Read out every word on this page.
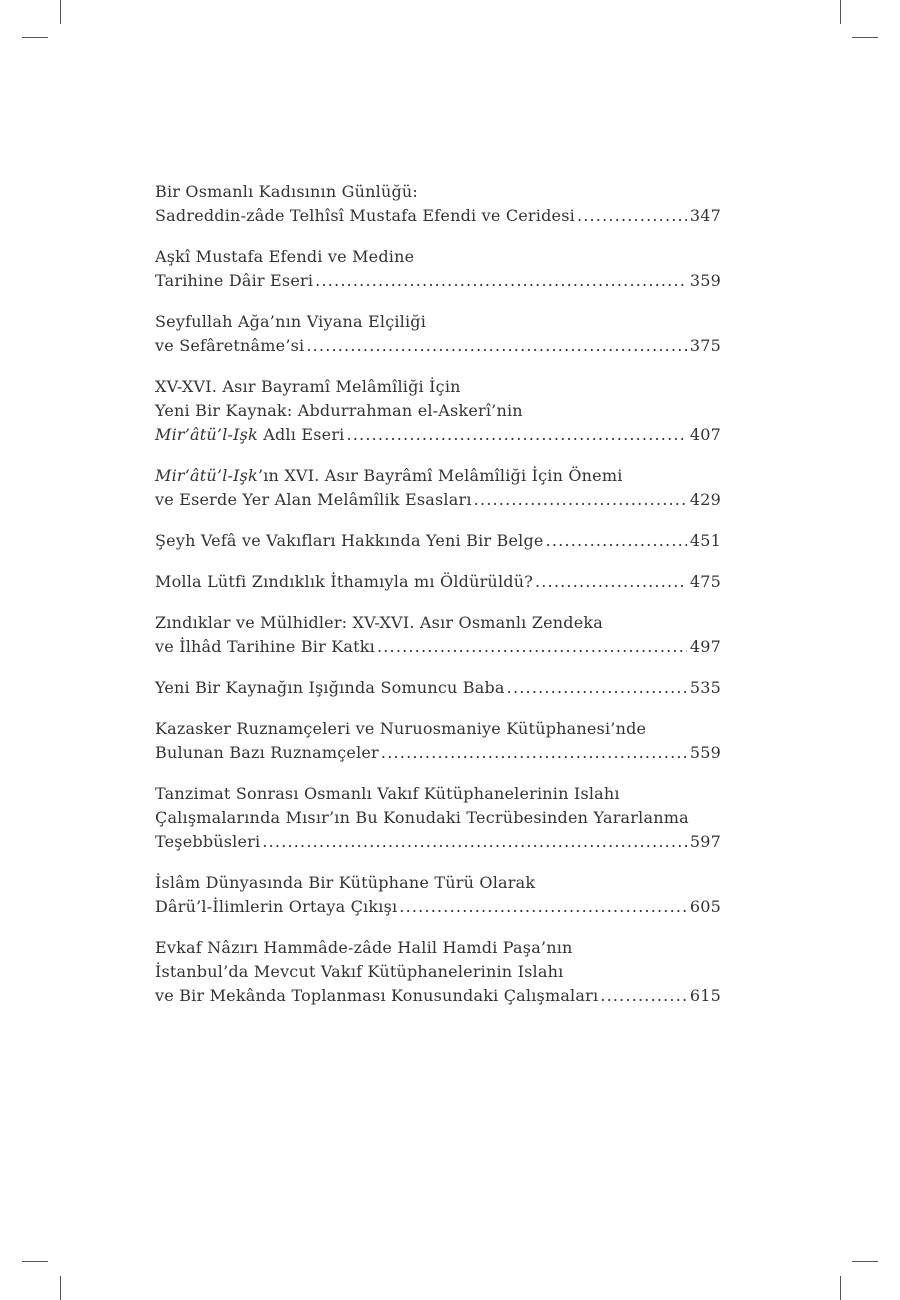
Bir Osmanlı Kadısının Günlüğü:
Sadreddin-zâde Telhîsî Mustafa Efendi ve Ceridesi .....	347
Aşkî Mustafa Efendi ve Medine
Tarihine Dâir Eseri .....	359
Seyfullah Ağa’nın Viyana Elçiliği
ve Sefâretnâme’si .....	375
XV-XVI. Asır Bayramî Melâmîliği İçin
Yeni Bir Kaynak: Abdurrahman el-Askerî’nin
Mir’âtü’l-Işk Adlı Eseri .....	407
Mir‘âtü’l-Işk’ın XVI. Asır Bayrâmî Melâmîliği İçin Önemi
ve Eserde Yer Alan Melâmîlik Esasları .....	429
Şeyh Vefâ ve Vakıfları Hakkında Yeni Bir Belge .....	451
Molla Lütfi Zındıklık İthamıyla mı Öldürüldü? .....	475
Zındıklar ve Mülhidler: XV-XVI. Asır Osmanlı Zendeka
ve İlhâd Tarihine Bir Katkı .....	497
Yeni Bir Kaynağın Işığında Somuncu Baba .....	535
Kazasker Ruznamçeleri ve Nuruosmaniye Kütüphanesi’nde
Bulunan Bazı Ruznamçeler .....	559
Tanzimat Sonrası Osmanlı Vakıf Kütüphanelerinin Islahı
Çalışmalarında Mısır’ın Bu Konudaki Tecrübesinden Yararlanma
Teşebbüsleri .....	597
İslâm Dünyasında Bir Kütüphane Türü Olarak
Dârü’l-İlimlerin Ortaya Çıkışı .....	605
Evkaf Nâzırı Hammâde-zâde Halil Hamdi Paşa’nın
İstanbul’da Mevcut Vakıf Kütüphanelerinin Islahı
ve Bir Mekânda Toplanması Konusundaki Çalışmaları .....	615
